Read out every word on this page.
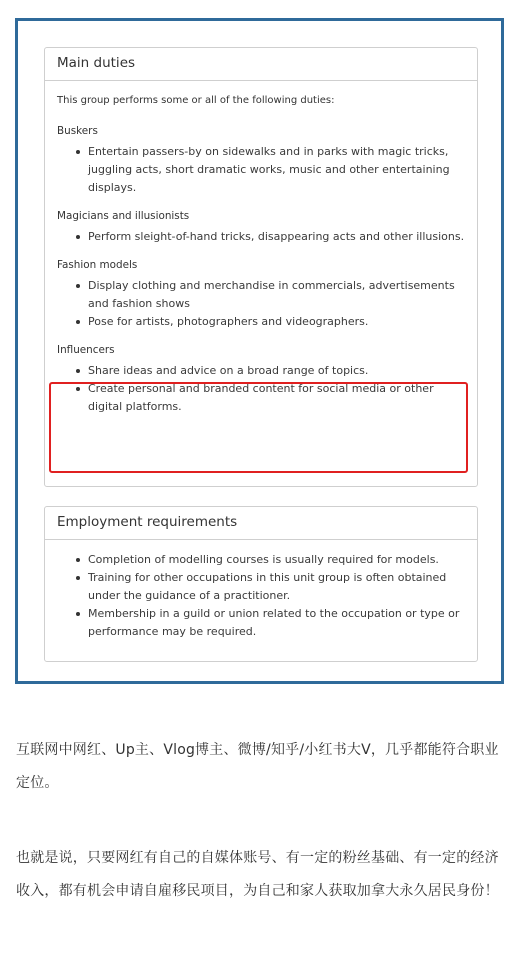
Main duties

This group performs some or all of the following duties:

Buskers
Entertain passers-by on sidewalks and in parks with magic tricks, juggling acts, short dramatic works, music and other entertaining displays.
Magicians and illusionists
Perform sleight-of-hand tricks, disappearing acts and other illusions.
Fashion models
Display clothing and merchandise in commercials, advertisements and fashion shows
Pose for artists, photographers and videographers.
Influencers
Share ideas and advice on a broad range of topics.
Create personal and branded content for social media or other digital platforms.
Employment requirements
Completion of modelling courses is usually required for models.
Training for other occupations in this unit group is often obtained under the guidance of a practitioner.
Membership in a guild or union related to the occupation or type or performance may be required.

互联网中网红、Up主、Vlog博主、微博/知乎/小红书大V，几乎都能符合职业定位。

也就是说，只要网红有自己的自媒体账号、有一定的粉丝基础、有一定的经济收入，都有机会申请自雇移民项目，为自己和家人获取加拿大永久居民身份！
